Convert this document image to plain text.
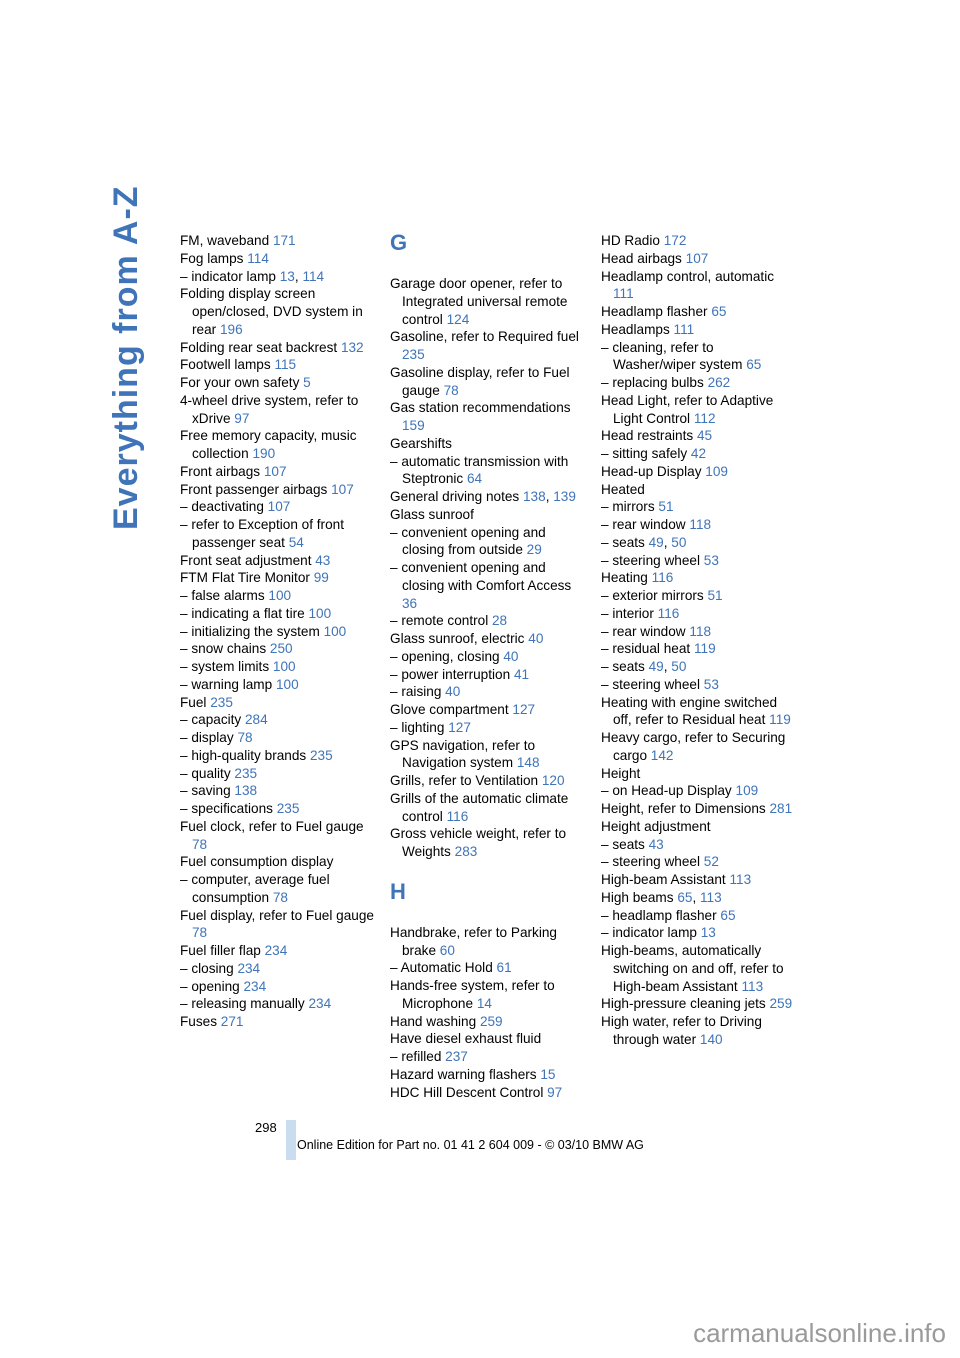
Everything from A-Z	FM, waveband 171
Fog lamps 114
– indicator lamp 13, 114
Folding display screen open/closed, DVD system in rear 196
Folding rear seat backrest 132
Footwell lamps 115
For your own safety 5
4-wheel drive system, refer to xDrive 97
Free memory capacity, music collection 190
Front airbags 107
Front passenger airbags 107
– deactivating 107
– refer to Exception of front passenger seat 54
Front seat adjustment 43
FTM Flat Tire Monitor 99
– false alarms 100
– indicating a flat tire 100
– initializing the system 100
– snow chains 250
– system limits 100
– warning lamp 100
Fuel 235
– capacity 284
– display 78
– high-quality brands 235
– quality 235
– saving 138
– specifications 235
Fuel clock, refer to Fuel gauge 78
Fuel consumption display
– computer, average fuel consumption 78
Fuel display, refer to Fuel gauge 78
Fuel filler flap 234
– closing 234
– opening 234
– releasing manually 234
Fuses 271
G
Garage door opener, refer to Integrated universal remote control 124
Gasoline, refer to Required fuel 235
Gasoline display, refer to Fuel gauge 78
Gas station recommendations 159
Gearshifts
– automatic transmission with Steptronic 64
General driving notes 138, 139
Glass sunroof
– convenient opening and closing from outside 29
– convenient opening and closing with Comfort Access 36
– remote control 28
Glass sunroof, electric 40
– opening, closing 40
– power interruption 41
– raising 40
Glove compartment 127
– lighting 127
GPS navigation, refer to Navigation system 148
Grills, refer to Ventilation 120
Grills of the automatic climate control 116
Gross vehicle weight, refer to Weights 283
H
Handbrake, refer to Parking brake 60
– Automatic Hold 61
Hands-free system, refer to Microphone 14
Hand washing 259
Have diesel exhaust fluid
– refilled 237
Hazard warning flashers 15
HDC Hill Descent Control 97
HD Radio 172
Head airbags 107
Headlamp control, automatic 111
Headlamp flasher 65
Headlamps 111
– cleaning, refer to Washer/wiper system 65
– replacing bulbs 262
Head Light, refer to Adaptive Light Control 112
Head restraints 45
– sitting safely 42
Head-up Display 109
Heated
– mirrors 51
– rear window 118
– seats 49, 50
– steering wheel 53
Heating 116
– exterior mirrors 51
– interior 116
– rear window 118
– residual heat 119
– seats 49, 50
– steering wheel 53
Heating with engine switched off, refer to Residual heat 119
Heavy cargo, refer to Securing cargo 142
Height
– on Head-up Display 109
Height, refer to Dimensions 281
Height adjustment
– seats 43
– steering wheel 52
High-beam Assistant 113
High beams 65, 113
– headlamp flasher 65
– indicator lamp 13
High-beams, automatically switching on and off, refer to High-beam Assistant 113
High-pressure cleaning jets 259
High water, refer to Driving through water 140
298
Online Edition for Part no. 01 41 2 604 009 - © 03/10 BMW AG
carmanualsonline.info
